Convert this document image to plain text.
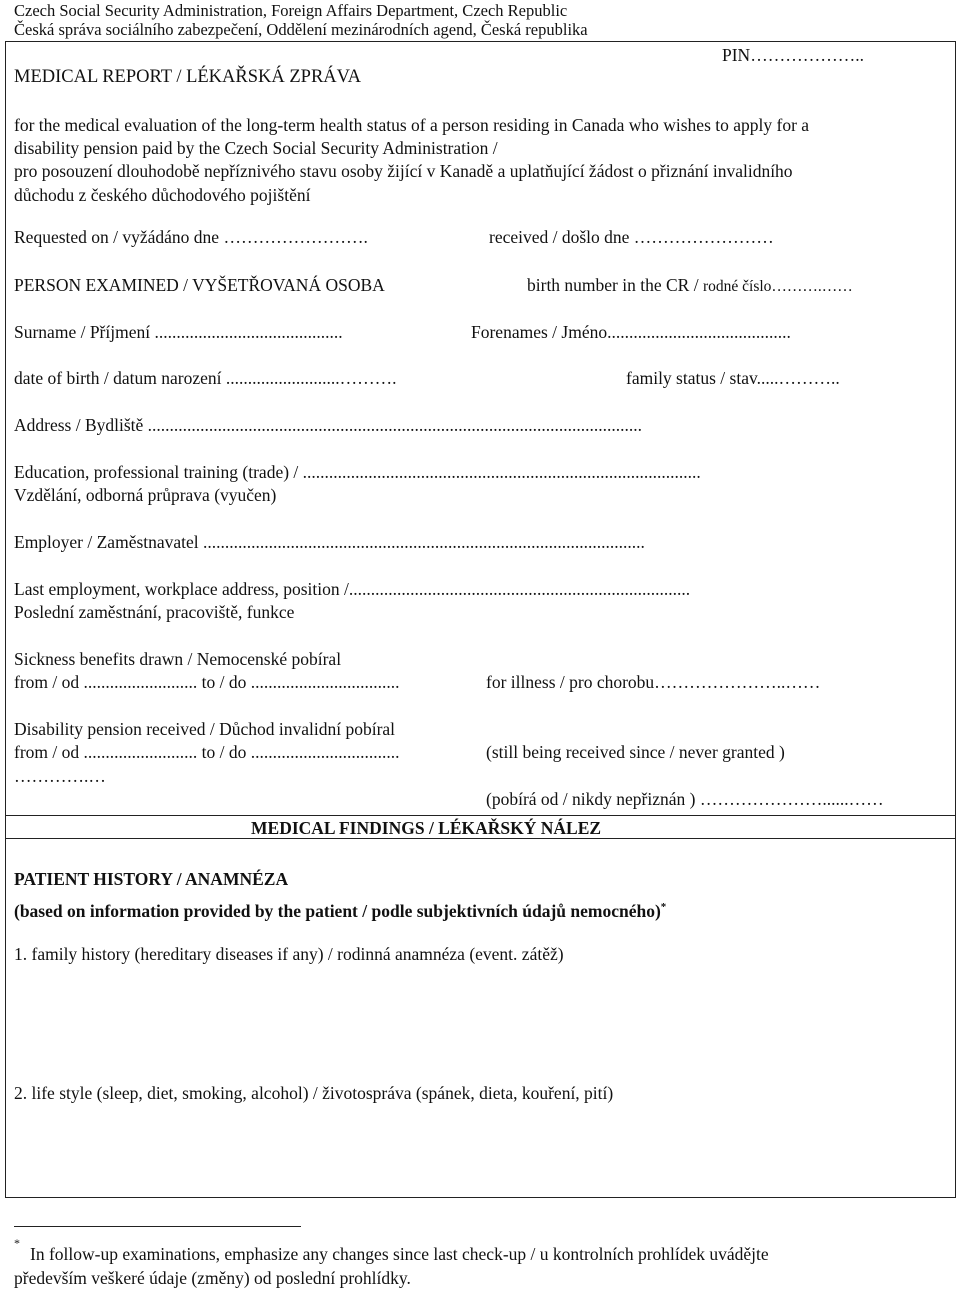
Czech Social Security Administration, Foreign Affairs Department, Czech Republic
Česká správa sociálního zabezpečení, Oddělení mezinárodních agend, Česká republika
MEDICAL REPORT / LÉKAŘSKÁ ZPRÁVA
PIN………………..
for the medical evaluation of the long-term health status of a person residing in Canada who wishes to apply for a
disability pension paid by the Czech Social Security Administration /
pro posouzení dlouhodobě nepříznivého stavu osoby žijící v Kanadě a uplatňující žádost o přiznání invalidního
důchodu z českého důchodového pojištění
Requested on / vyžádáno dne …………………….	received / došlo dne ……………………
PERSON EXAMINED / VYŠETŘOVANÁ OSOBA	birth number in the CR / rodné číslo……….……
Surname / Příjmení ...........................................	Forenames / Jméno..........................................
date of birth / datum narození ..........................……….	family status / stav.....………..
Address / Bydliště .................................................................................................................
Education, professional training (trade) / ...........................................................................................
Vzdělání, odborná průprava (vyučen)
Employer / Zaměstnavatel .....................................................................................................
Last employment, workplace address, position /..............................................................................
Poslední zaměstnání, pracoviště, funkce
Sickness benefits drawn / Nemocenské pobíral
from / od .......................... to / do ..................................	for illness / pro chorobu…………………..……
Disability pension received / Důchod invalidní pobíral
from / od .......................... to / do ..................................	(still being received since / never granted )
………….…
(pobírá od / nikdy nepřiznán ) …………………......……
MEDICAL FINDINGS / LÉKAŘSKÝ NÁLEZ
PATIENT HISTORY / ANAMNÉZA
(based on information provided by the patient / podle subjektivních údajů nemocného)*
1. family history (hereditary diseases if any) / rodinná anamnéza (event. zátěž)
2. life style (sleep, diet, smoking, alcohol) / životospráva (spánek, dieta, kouření, pití)
*
In follow-up examinations, emphasize any changes since last check-up / u kontrolních prohlídek uvádějte
především veškeré údaje (změny) od poslední prohlídky.
